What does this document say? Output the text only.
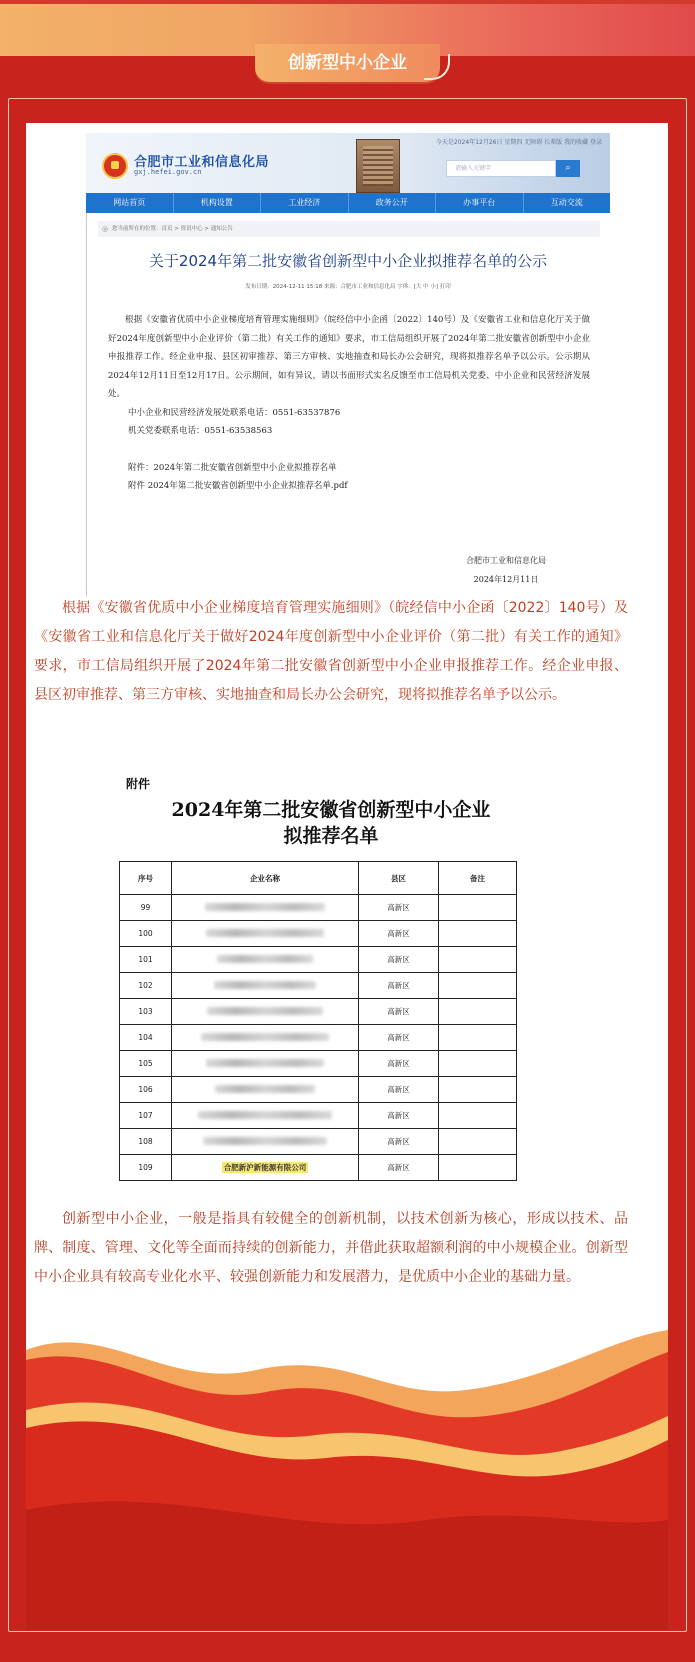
合肥市工业和信息化局
gxj.hefei.gov.cn
今天是2024年12月26日 星期四 无障碍 长辈版 我的收藏 登录
请输入关键字	⌕
网站首页	机构设置	工业经济	政务公开	办事平台	互动交流
◎ 您当前所在的位置：首页 > 资讯中心 > 通知公告
关于2024年第二批安徽省创新型中小企业拟推荐名单的公示
发布日期：2024-12-11 15:18 来源：合肥市工业和信息化局 字体：[大 中 小] 打印

根据《安徽省优质中小企业梯度培育管理实施细则》（皖经信中小企函〔2022〕140号）及《安徽省工业和信息化厅关于做好2024年度创新型中小企业评价（第二批）有关工作的通知》要求，市工信局组织开展了2024年第二批安徽省创新型中小企业申报推荐工作。经企业申报、县区初审推荐、第三方审核、实地抽查和局长办公会研究，现将拟推荐名单予以公示。公示期从2024年12月11日至12月17日。公示期间，如有异议，请以书面形式实名反馈至市工信局机关党委、中小企业和民营经济发展处。

中小企业和民营经济发展处联系电话：0551-63537876
机关党委联系电话：0551-63538563
附件：2024年第二批安徽省创新型中小企业拟推荐名单
附件 2024年第二批安徽省创新型中小企业拟推荐名单.pdf
合肥市工业和信息化局
2024年12月11日
根据《安徽省优质中小企业梯度培育管理实施细则》（皖经信中小企函〔2022〕140号）及《安徽省工业和信息化厅关于做好2024年度创新型中小企业评价（第二批）有关工作的通知》要求，市工信局组织开展了2024年第二批安徽省创新型中小企业申报推荐工作。经企业申报、县区初审推荐、第三方审核、实地抽查和局长办公会研究，现将拟推荐名单予以公示。
附件
2024年第二批安徽省创新型中小企业
拟推荐名单
序号	企业名称	县区	备注
99		高新区	
100		高新区	
101		高新区	
102		高新区	
103		高新区	
104		高新区	
105		高新区	
106		高新区	
107		高新区	
108		高新区	
109	合肥新沪新能源有限公司	高新区	
创新型中小企业，一般是指具有较健全的创新机制，以技术创新为核心，形成以技术、品牌、制度、管理、文化等全面而持续的创新能力，并借此获取超额利润的中小规模企业。创新型中小企业具有较高专业化水平、较强创新能力和发展潜力，是优质中小企业的基础力量。
创新型中小企业
